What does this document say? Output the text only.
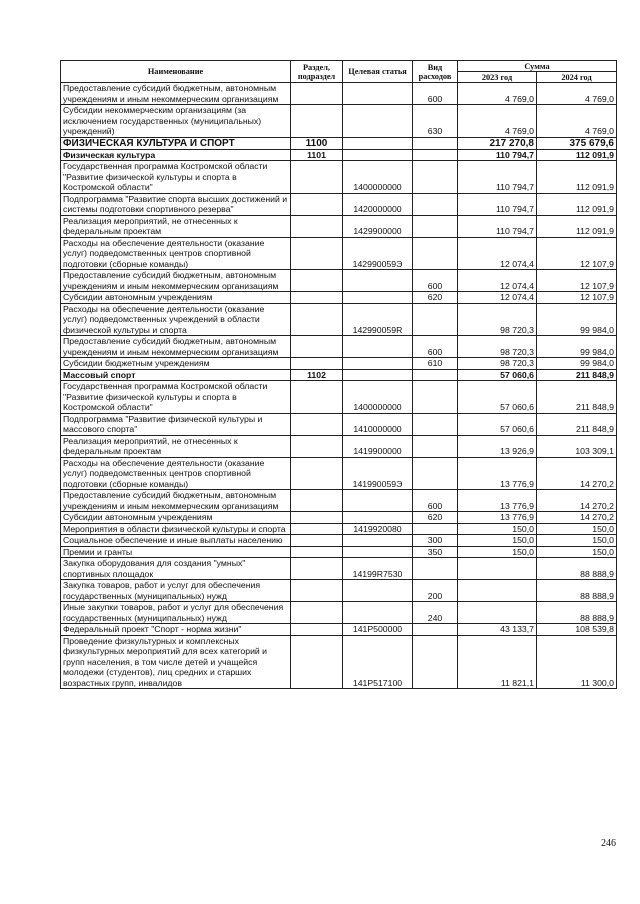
Наименование	Раздел, подраздел	Целевая статья	Вид расходов	Сумма	
				2023 год	2024 год
Предоставление субсидий бюджетным, автономным учреждениям и иным некоммерческим организациям			600	4 769,0	4 769,0
Субсидии некоммерческим организациям (за исключением государственных (муниципальных) учреждений)			630	4 769,0	4 769,0
ФИЗИЧЕСКАЯ КУЛЬТУРА И СПОРТ	1100			217 270,8	375 679,6
Физическая культура	1101			110 794,7	112 091,9
Государственная программа Костромской области "Развитие физической культуры и спорта в Костромской области"		1400000000		110 794,7	112 091,9
Подпрограмма "Развитие спорта высших достижений и системы подготовки спортивного резерва"		1420000000		110 794,7	112 091,9
Реализация мероприятий, не отнесенных к федеральным проектам		1429900000		110 794,7	112 091,9
Расходы на обеспечение деятельности (оказание услуг) подведомственных центров спортивной подготовки (сборные команды)		142990059Э		12 074,4	12 107,9
Предоставление субсидий бюджетным, автономным учреждениям и иным некоммерческим организациям			600	12 074,4	12 107,9
Субсидии автономным учреждениям			620	12 074,4	12 107,9
Расходы на обеспечение деятельности (оказание услуг) подведомственных учреждений в области физической культуры и спорта		142990059R		98 720,3	99 984,0
Предоставление субсидий бюджетным, автономным учреждениям и иным некоммерческим организациям			600	98 720,3	99 984,0
Субсидии бюджетным учреждениям			610	98 720,3	99 984,0
Массовый спорт	1102			57 060,6	211 848,9
Государственная программа Костромской области "Развитие физической культуры и спорта в Костромской области"		1400000000		57 060,6	211 848,9
Подпрограмма "Развитие физической культуры и массового спорта"		1410000000		57 060,6	211 848,9
Реализация мероприятий, не отнесенных к федеральным проектам		1419900000		13 926,9	103 309,1
Расходы на обеспечение деятельности (оказание услуг) подведомственных центров спортивной подготовки (сборные команды)		141990059Э		13 776,9	14 270,2
Предоставление субсидий бюджетным, автономным учреждениям и иным некоммерческим организациям			600	13 776,9	14 270,2
Субсидии автономным учреждениям			620	13 776,9	14 270,2
Мероприятия в области физической культуры и спорта		1419920080		150,0	150,0
Социальное обеспечение и иные выплаты населению			300	150,0	150,0
Премии и гранты			350	150,0	150,0
Закупка оборудования для создания "умных" спортивных площадок		14199R7530			88 888,9
Закупка товаров, работ и услуг для обеспечения государственных (муниципальных) нужд			200		88 888,9
Иные закупки товаров, работ и услуг для обеспечения государственных (муниципальных) нужд			240		88 888,9
Федеральный проект "Спорт - норма жизни"		141P500000		43 133,7	108 539,8
Проведение физкультурных и комплексных физкультурных мероприятий для всех категорий и групп населения, в том числе детей и учащейся молодежи (студентов), лиц средних и старших возрастных групп, инвалидов		141P517100		11 821,1	11 300,0
246
